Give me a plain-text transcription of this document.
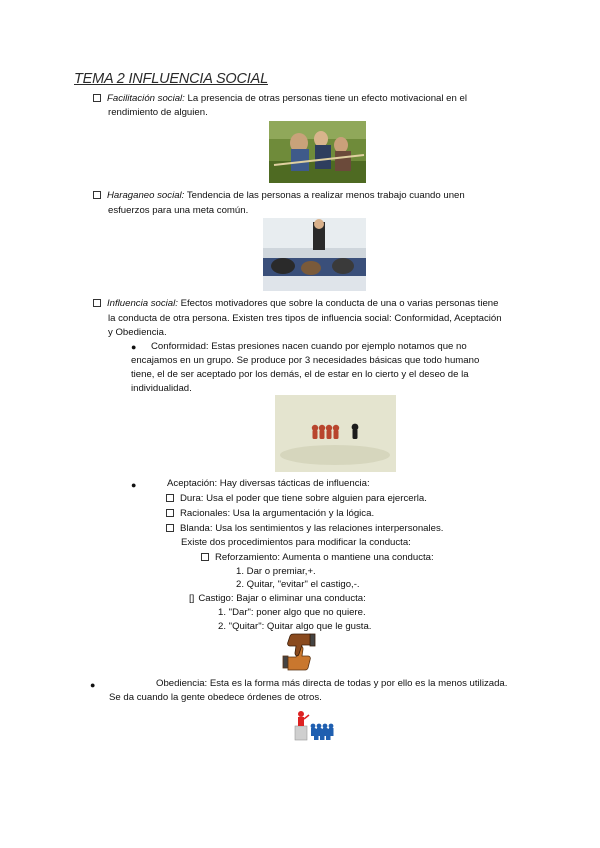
TEMA 2 INFLUENCIA SOCIAL
Facilitación social: La presencia de otras personas tiene un efecto motivacional en el
rendimiento de alguien.
Haraganeo social: Tendencia de las personas a realizar menos trabajo cuando unen
esfuerzos para una meta común.
Influencia social: Efectos motivadores que sobre la conducta de una o varias personas tiene
la conducta de otra persona. Existen tres tipos de influencia social: Conformidad, Aceptación
y Obediencia.
● Conformidad: Estas presiones nacen cuando por ejemplo notamos que no
encajamos en un grupo. Se produce por 3 necesidades básicas que todo humano
tiene, el de ser aceptado por los demás, el de estar en lo cierto y el deseo de la
individualidad.
●	Aceptación: Hay diversas tácticas de influencia:
Dura: Usa el poder que tiene sobre alguien para ejercerla.
Racionales: Usa la argumentación y la lógica.
Blanda: Usa los sentimientos y las relaciones interpersonales.
Existe dos procedimientos para modificar la conducta:
Reforzamiento: Aumenta o mantiene una conducta:
1. Dar o premiar,+.
2. Quitar, "evitar" el castigo,-.
[] Castigo: Bajar o eliminar una conducta:
1. "Dar": poner algo que no quiere.
2. "Quitar": Quitar algo que le gusta.
●	Obediencia: Esta es la forma más directa de todas y por ello es la menos utilizada.
Se da cuando la gente obedece órdenes de otros.
